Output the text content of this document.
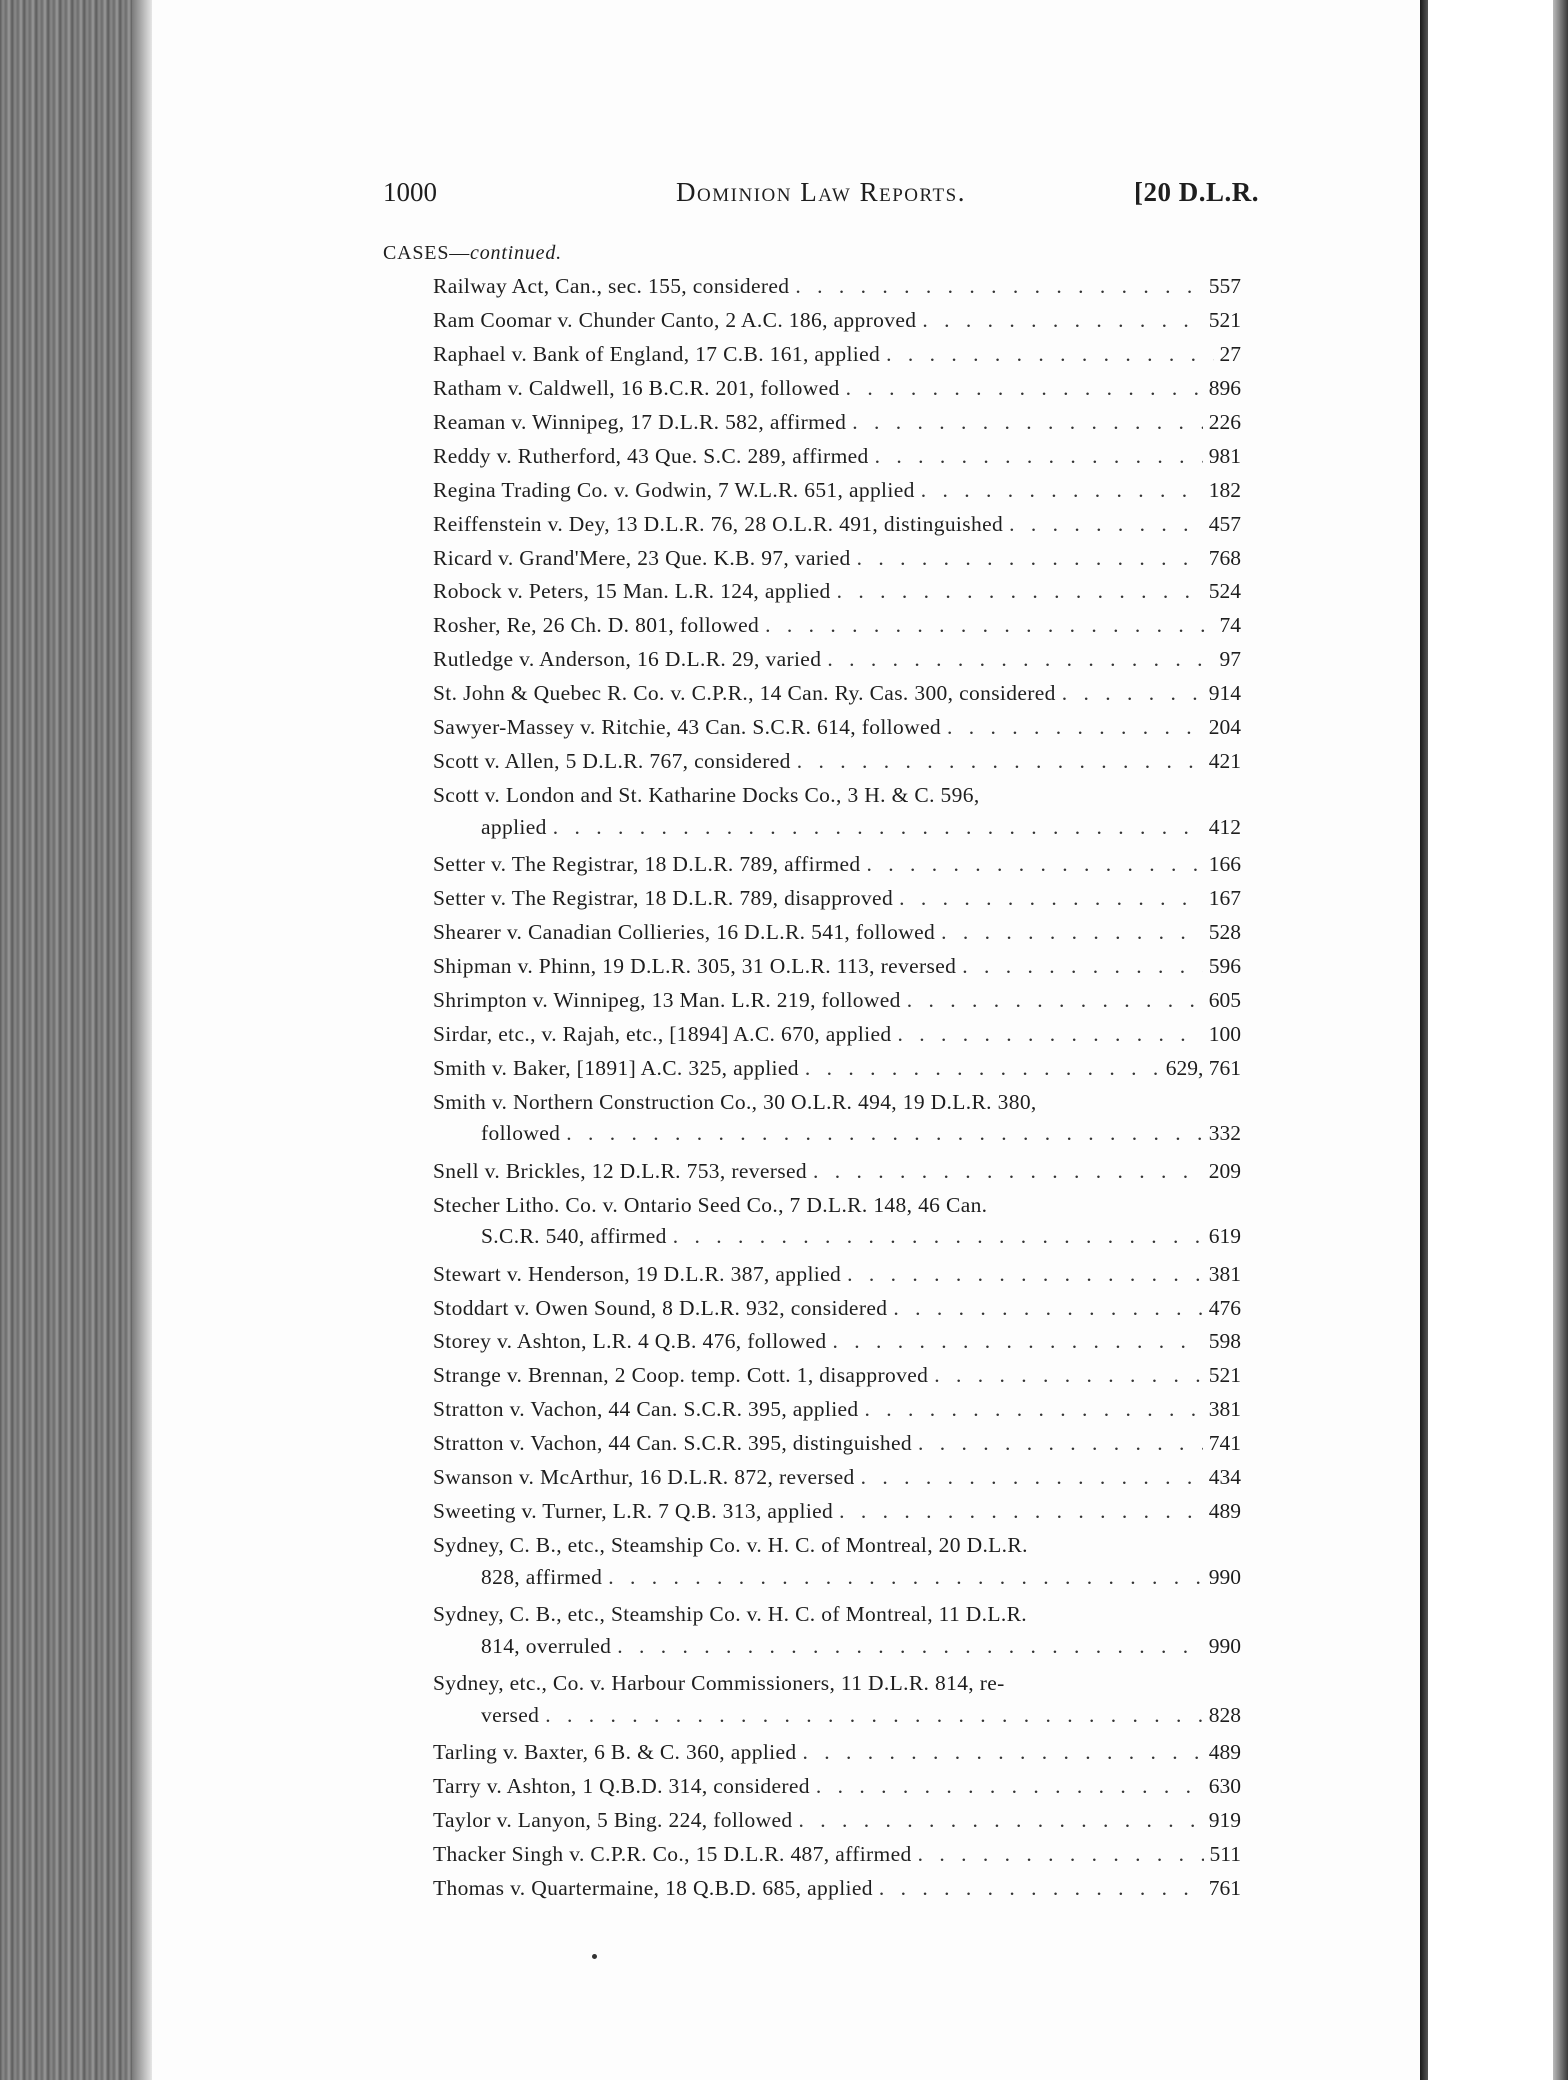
Dominion Law Reports.
1000	[20 D.L.R.
CASES—continued.
Railway Act, Can., sec. 155, considered . . .	557
Ram Coomar v. Chunder Canto, 2 A.C. 186, approved . . .	521
Raphael v. Bank of England, 17 C.B. 161, applied . . .	27
Ratham v. Caldwell, 16 B.C.R. 201, followed . . .	896
Reaman v. Winnipeg, 17 D.L.R. 582, affirmed . . .	226
Reddy v. Rutherford, 43 Que. S.C. 289, affirmed . . .	981
Regina Trading Co. v. Godwin, 7 W.L.R. 651, applied . . .	182
Reiffenstein v. Dey, 13 D.L.R. 76, 28 O.L.R. 491, distinguished . . .	457
Ricard v. Grand'Mere, 23 Que. K.B. 97, varied . . .	768
Robock v. Peters, 15 Man. L.R. 124, applied . . .	524
Rosher, Re, 26 Ch. D. 801, followed . . .	74
Rutledge v. Anderson, 16 D.L.R. 29, varied . . .	97
St. John & Quebec R. Co. v. C.P.R., 14 Can. Ry. Cas. 300, considered . . .	914
Sawyer-Massey v. Ritchie, 43 Can. S.C.R. 614, followed . . .	204
Scott v. Allen, 5 D.L.R. 767, considered . . .	421
Scott v. London and St. Katharine Docks Co., 3 H. & C. 596,
applied . . .	412
Setter v. The Registrar, 18 D.L.R. 789, affirmed . . .	166
Setter v. The Registrar, 18 D.L.R. 789, disapproved . . .	167
Shearer v. Canadian Collieries, 16 D.L.R. 541, followed . . .	528
Shipman v. Phinn, 19 D.L.R. 305, 31 O.L.R. 113, reversed . . .	596
Shrimpton v. Winnipeg, 13 Man. L.R. 219, followed . . .	605
Sirdar, etc., v. Rajah, etc., [1894] A.C. 670, applied . . .	100
Smith v. Baker, [1891] A.C. 325, applied . . .	629, 761
Smith v. Northern Construction Co., 30 O.L.R. 494, 19 D.L.R. 380,
followed . . .	332
Snell v. Brickles, 12 D.L.R. 753, reversed . . .	209
Stecher Litho. Co. v. Ontario Seed Co., 7 D.L.R. 148, 46 Can.
S.C.R. 540, affirmed . . .	619
Stewart v. Henderson, 19 D.L.R. 387, applied . . .	381
Stoddart v. Owen Sound, 8 D.L.R. 932, considered . . .	476
Storey v. Ashton, L.R. 4 Q.B. 476, followed . . .	598
Strange v. Brennan, 2 Coop. temp. Cott. 1, disapproved . . .	521
Stratton v. Vachon, 44 Can. S.C.R. 395, applied . . .	381
Stratton v. Vachon, 44 Can. S.C.R. 395, distinguished . . .	741
Swanson v. McArthur, 16 D.L.R. 872, reversed . . .	434
Sweeting v. Turner, L.R. 7 Q.B. 313, applied . . .	489
Sydney, C. B., etc., Steamship Co. v. H. C. of Montreal, 20 D.L.R.
828, affirmed . . .	990
Sydney, C. B., etc., Steamship Co. v. H. C. of Montreal, 11 D.L.R.
814, overruled . . .	990
Sydney, etc., Co. v. Harbour Commissioners, 11 D.L.R. 814, re-
versed . . .	828
Tarling v. Baxter, 6 B. & C. 360, applied . . .	489
Tarry v. Ashton, 1 Q.B.D. 314, considered . . .	630
Taylor v. Lanyon, 5 Bing. 224, followed . . .	919
Thacker Singh v. C.P.R. Co., 15 D.L.R. 487, affirmed . . .	511
Thomas v. Quartermaine, 18 Q.B.D. 685, applied . . .	761
